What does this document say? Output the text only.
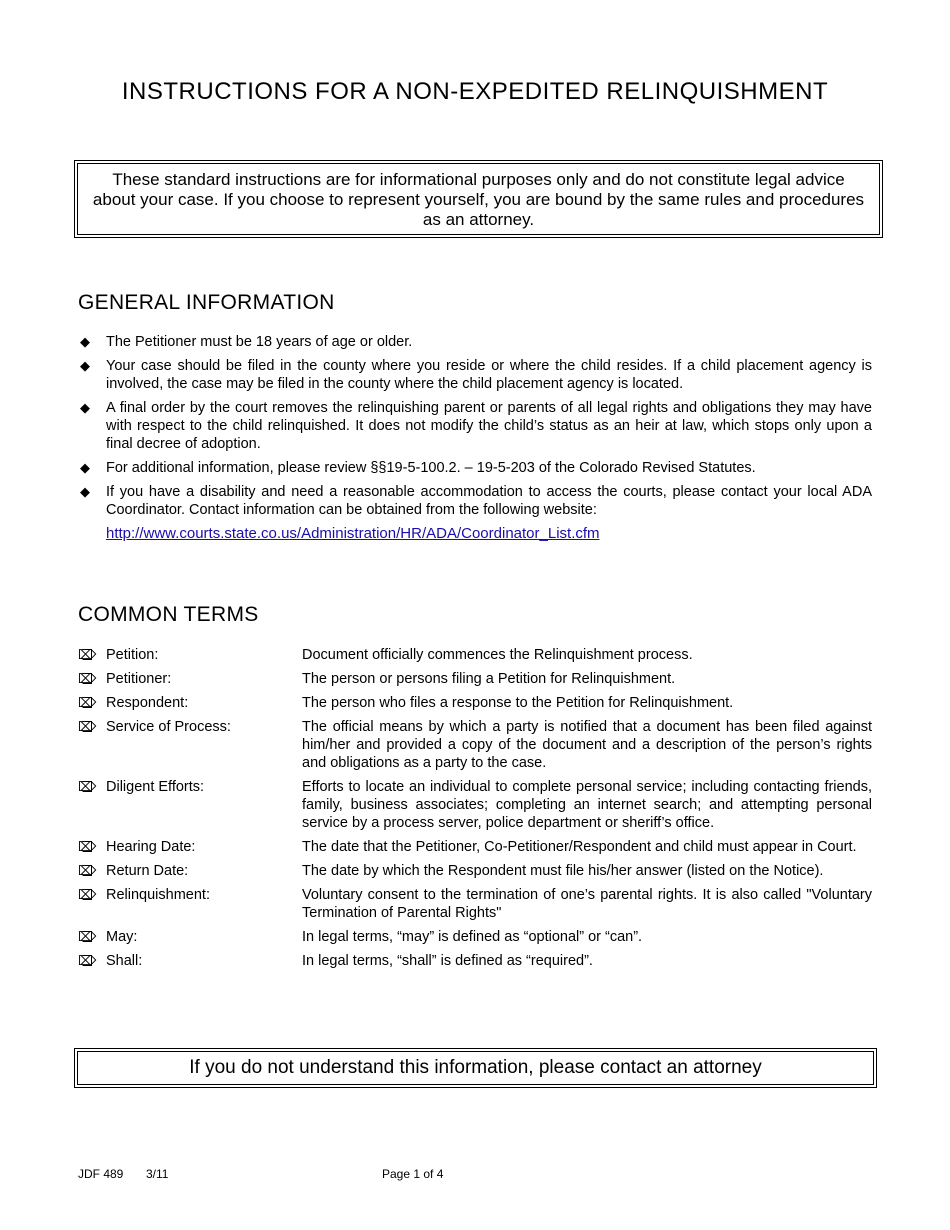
INSTRUCTIONS FOR A NON-EXPEDITED RELINQUISHMENT
These standard instructions are for informational purposes only and do not constitute legal advice about your case. If you choose to represent yourself, you are bound by the same rules and procedures as an attorney.
GENERAL INFORMATION
◆ The Petitioner must be 18 years of age or older.
◆ Your case should be filed in the county where you reside or where the child resides. If a child placement agency is involved, the case may be filed in the county where the child placement agency is located.
◆ A final order by the court removes the relinquishing parent or parents of all legal rights and obligations they may have with respect to the child relinquished. It does not modify the child’s status as an heir at law, which stops only upon a final decree of adoption.
◆ For additional information, please review §§19-5-100.2. – 19-5-203 of the Colorado Revised Statutes.
◆ If you have a disability and need a reasonable accommodation to access the courts, please contact your local ADA Coordinator. Contact information can be obtained from the following website:
http://www.courts.state.co.us/Administration/HR/ADA/Coordinator_List.cfm
COMMON TERMS
⌦ Petition:	Document officially commences the Relinquishment process.
⌦ Petitioner:	The person or persons filing a Petition for Relinquishment.
⌦ Respondent:	The person who files a response to the Petition for Relinquishment.
⌦ Service of Process:	The official means by which a party is notified that a document has been filed against him/her and provided a copy of the document and a description of the person’s rights and obligations as a party to the case.
⌦ Diligent Efforts:	Efforts to locate an individual to complete personal service; including contacting friends, family, business associates; completing an internet search; and attempting personal service by a process server, police department or sheriff’s office.
⌦ Hearing Date:	The date that the Petitioner, Co-Petitioner/Respondent and child must appear in Court.
⌦ Return Date:	The date by which the Respondent must file his/her answer (listed on the Notice).
⌦ Relinquishment:	Voluntary consent to the termination of one’s parental rights. It is also called "Voluntary Termination of Parental Rights"
⌦ May:	In legal terms, “may” is defined as “optional” or “can”.
⌦ Shall:	In legal terms, “shall” is defined as “required”.
If you do not understand this information, please contact an attorney
JDF 489 3/11	Page 1 of 4
